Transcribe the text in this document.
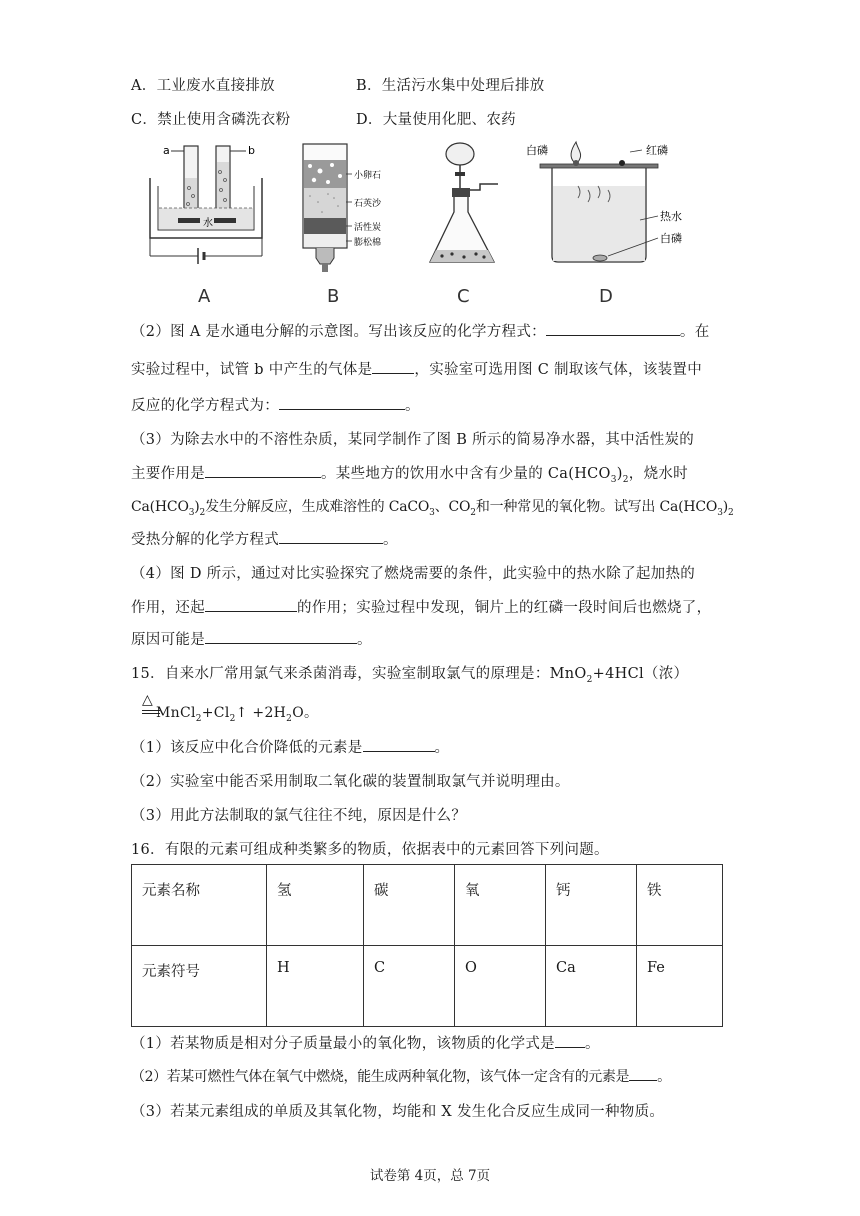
A．工业废水直接排放	B．生活污水集中处理后排放
C．禁止使用含磷洗衣粉	D．大量使用化肥、农药
a	b
水
A
小卵石
石英沙
活性炭
膨松棉
B	C
白磷	红磷
热水
白磷
D
（2）图 A 是水通电分解的示意图。写出该反应的化学方程式：	。在
实验过程中，试管 b 中产生的气体是	，实验室可选用图 C 制取该气体，该装置中
反应的化学方程式为：	。
（3）为除去水中的不溶性杂质，某同学制作了图 B 所示的简易净水器，其中活性炭的
主要作用是	。某些地方的饮用水中含有少量的 $Ca(HCO_3)_2$，烧水时
$Ca(HCO_3)_2$发生分解反应，生成难溶性的 CaCO$_3$、$CO_2$和一种常见的氧化物。试写出 $Ca(HCO_3)_2$
受热分解的化学方程式	。
（4）图 D 所示，通过对比实验探究了燃烧需要的条件，此实验中的热水除了起加热的
作用，还起	的作用；实验过程中发现，铜片上的红磷一段时间后也燃烧了，
原因可能是	。
15．自来水厂常用氯气来杀菌消毒，实验室制取氯气的原理是：MnO$_2$+4HCl（浓）
△
$MnCl_2+Cl_2↑ +2H_2O$。
（1）该反应中化合价降低的元素是	。
（2）实验室中能否采用制取二氧化碳的装置制取氯气并说明理由。
（3）用此方法制取的氯气往往不纯，原因是什么？
16．有限的元素可组成种类繁多的物质，依据表中的元素回答下列问题。
元素名称	氢	碳	氧	钙	铁
元素符号	H	C	O	Ca	Fe
（1）若某物质是相对分子质量最小的氧化物，该物质的化学式是 。
（2）若某可燃性气体在氧气中燃烧，能生成两种氧化物，该气体一定含有的元素是 。
（3）若某元素组成的单质及其氧化物，均能和 X 发生化合反应生成同一种物质。
试卷第 4页，总 7页
